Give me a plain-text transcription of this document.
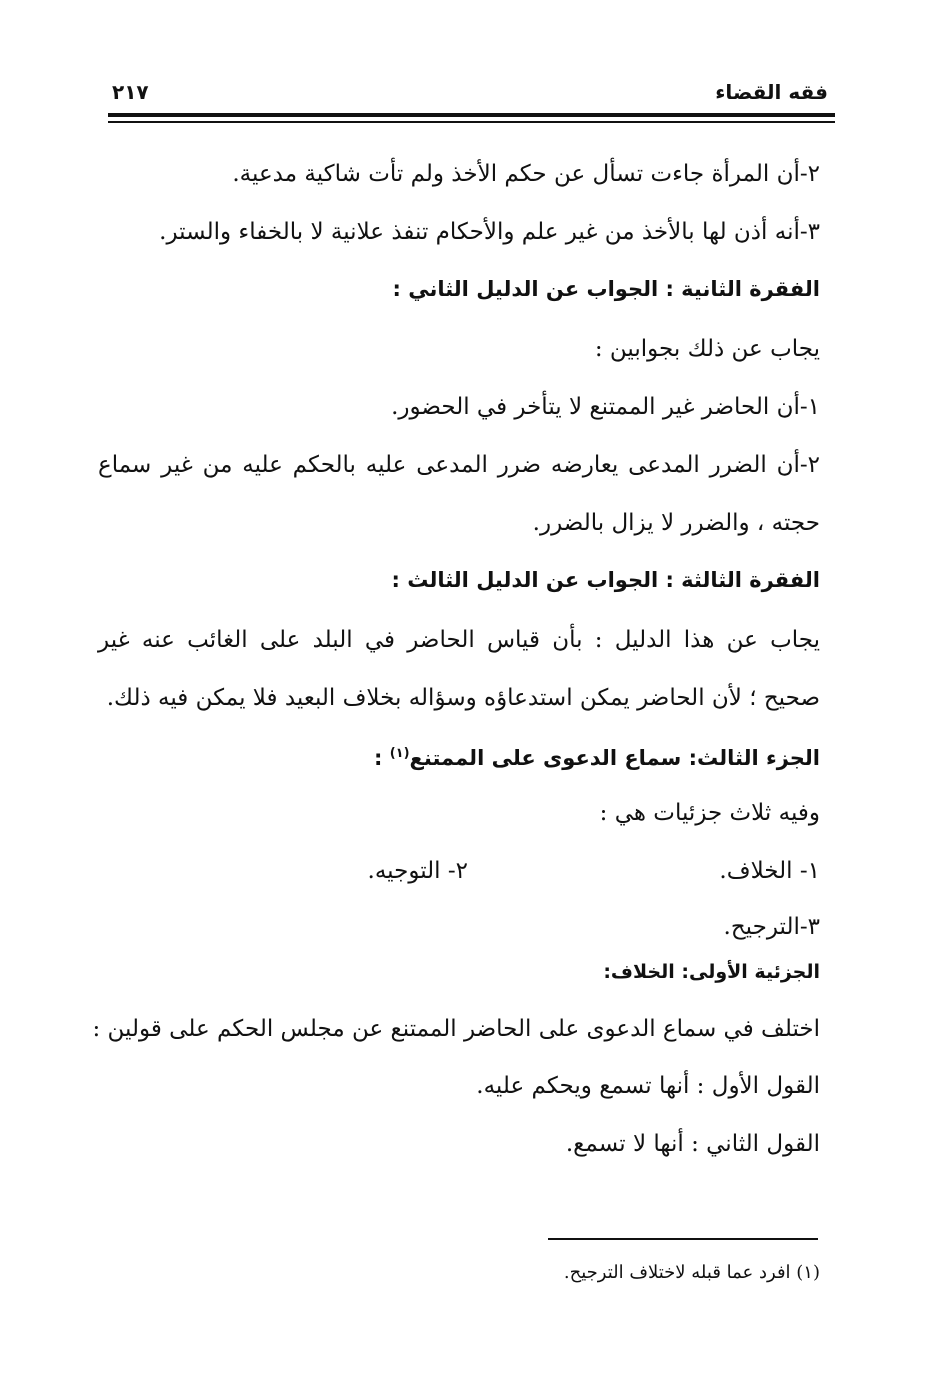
فقه القضاء
٢١٧
٢-أن المرأة جاءت تسأل عن حكم الأخذ ولم تأت شاكية مدعية.
٣-أنه أذن لها بالأخذ من غير علم والأحكام تنفذ علانية لا بالخفاء والستر.
الفقرة الثانية : الجواب عن الدليل الثاني :
يجاب عن ذلك بجوابين :
١-أن الحاضر غير الممتنع لا يتأخر في الحضور.
٢-أن الضرر المدعى يعارضه ضرر المدعى عليه بالحكم عليه من غير سماع
حجته ، والضرر لا يزال بالضرر.
الفقرة الثالثة : الجواب عن الدليل الثالث :
يجاب عن هذا الدليل : بأن قياس الحاضر في البلد على الغائب عنه غير
صحيح ؛ لأن الحاضر يمكن استدعاؤه وسؤاله بخلاف البعيد فلا يمكن فيه ذلك.
الجزء الثالث: سماع الدعوى على الممتنع$^{(١)}$ :
وفيه ثلاث جزئيات هي :
١- الخلاف.
٢- التوجيه.
٣-الترجيح.
الجزئية الأولى: الخلاف:
اختلف في سماع الدعوى على الحاضر الممتنع عن مجلس الحكم على قولين :
القول الأول : أنها تسمع ويحكم عليه.
القول الثاني : أنها لا تسمع.
(١) افرد عما قبله لاختلاف الترجيح.
